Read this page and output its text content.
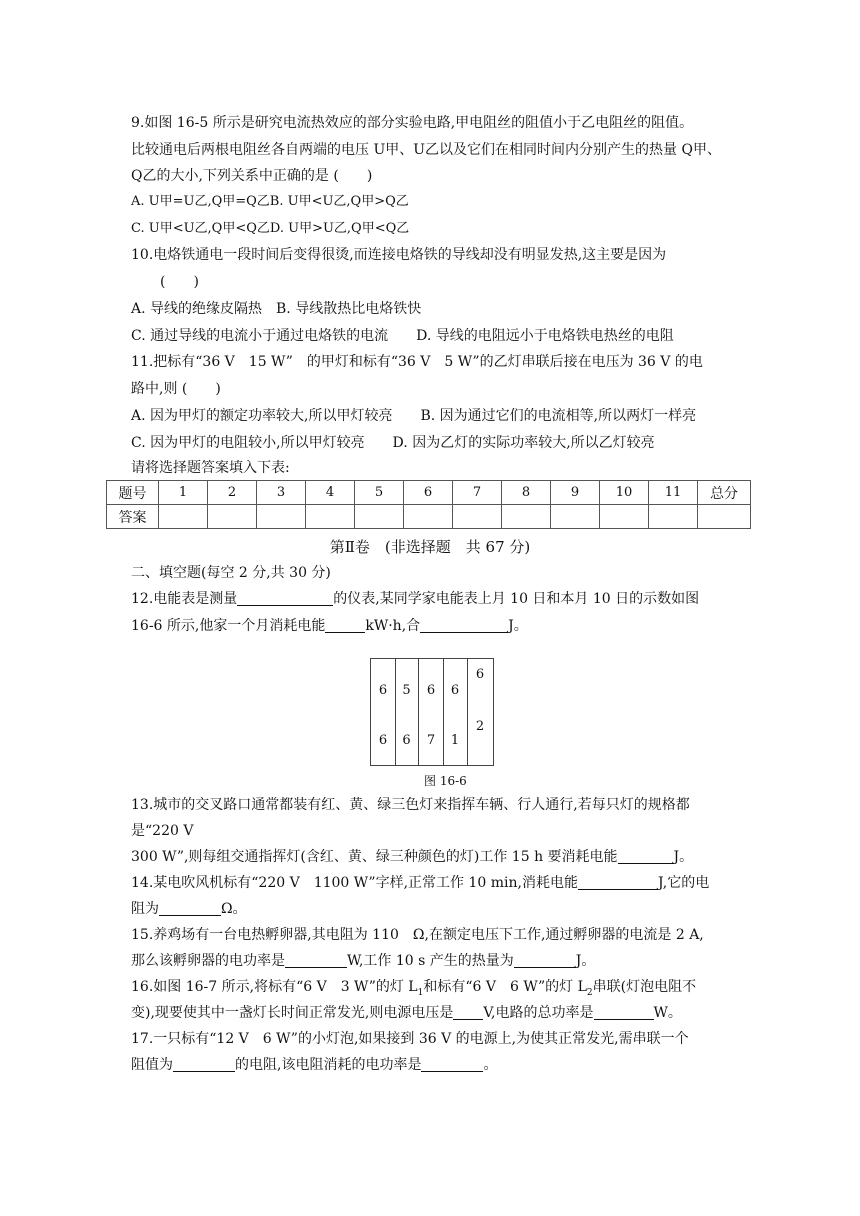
9.如图 16-5 所示是研究电流热效应的部分实验电路,甲电阻丝的阻值小于乙电阻丝的阻值。
比较通电后两根电阻丝各自两端的电压 U甲、U乙以及它们在相同时间内分别产生的热量 Q甲、
Q乙的大小,下列关系中正确的是 (　　)
A. U甲=U乙,Q甲=Q乙B. U甲<U乙,Q甲>Q乙
C. U甲<U乙,Q甲<Q乙D. U甲>U乙,Q甲<Q乙
10.电烙铁通电一段时间后变得很烫,而连接电烙铁的导线却没有明显发热,这主要是因为
(　　)
A. 导线的绝缘皮隔热　B. 导线散热比电烙铁快
C. 通过导线的电流小于通过电烙铁的电流　　D. 导线的电阻远小于电烙铁电热丝的电阻
11.把标有“36 V　15 W”　的甲灯和标有“36 V　5 W”的乙灯串联后接在电压为 36 V 的电
路中,则 (　　)
A. 因为甲灯的额定功率较大,所以甲灯较亮　　B. 因为通过它们的电流相等,所以两灯一样亮
C. 因为甲灯的电阻较小,所以甲灯较亮　　D. 因为乙灯的实际功率较大,所以乙灯较亮
请将选择题答案填入下表:
题号	1	2	3	4	5	6	7	8	9	10	11	总分
答案												
第Ⅱ卷　(非选择题　共 67 分)
二、填空题(每空 2 分,共 30 分)
12.电能表是测量	的仪表,某同学家电能表上月 10 日和本月 10 日的示数如图
16-6 所示,他家一个月消耗电能	kW·h,合	J。
6
6
5
6
6
7
6
1
6
2
图 16-6
13.城市的交叉路口通常都装有红、黄、绿三色灯来指挥车辆、行人通行,若每只灯的规格都
是“220 V
300 W”,则每组交通指挥灯(含红、黄、绿三种颜色的灯)工作 15 h 要消耗电能	J。
14.某电吹风机标有“220 V　1100 W”字样,正常工作 10 min,消耗电能	J,它的电
阻为	Ω。
15.养鸡场有一台电热孵卵器,其电阻为 110　Ω,在额定电压下工作,通过孵卵器的电流是 2 A,
那么该孵卵器的电功率是	W,工作 10 s 产生的热量为	J。
16.如图 16-7 所示,将标有“6 V　3 W”的灯 $L_1$和标有“6 V　6 W”的灯 $L_2$串联(灯泡电阻不
变),现要使其中一盏灯长时间正常发光,则电源电压是 V,电路的总功率是	W。
17.一只标有“12 V　6 W”的小灯泡,如果接到 36 V 的电源上,为使其正常发光,需串联一个
阻值为	的电阻,该电阻消耗的电功率是	。
